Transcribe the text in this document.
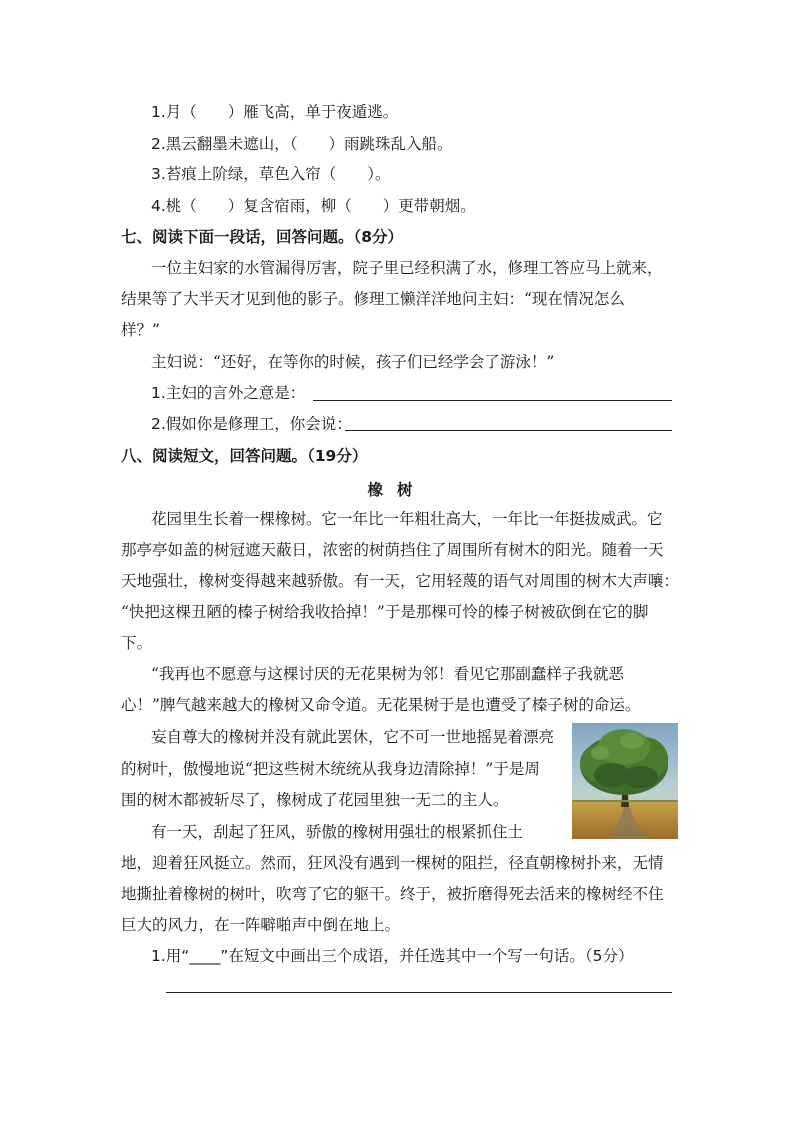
1.月（　　）雁飞高，单于夜遁逃。
2.黑云翻墨未遮山，（　　）雨跳珠乱入船。
3.苔痕上阶绿，草色入帘（　　）。
4.桃（　　）复含宿雨，柳（　　）更带朝烟。
七、阅读下面一段话，回答问题。（8分）
一位主妇家的水管漏得厉害，院子里已经积满了水，修理工答应马上就来，
结果等了大半天才见到他的影子。修理工懒洋洋地问主妇：“现在情况怎么
样？”
主妇说：“还好，在等你的时候，孩子们已经学会了游泳！”
1.主妇的言外之意是：
2.假如你是修理工，你会说：
八、阅读短文，回答问题。（19分）
橡树
花园里生长着一棵橡树。它一年比一年粗壮高大，一年比一年挺拔威武。它
那亭亭如盖的树冠遮天蔽日，浓密的树荫挡住了周围所有树木的阳光。随着一天
天地强壮，橡树变得越来越骄傲。有一天，它用轻蔑的语气对周围的树木大声嚷：
“快把这棵丑陋的榛子树给我收拾掉！”于是那棵可怜的榛子树被砍倒在它的脚
下。
“我再也不愿意与这棵讨厌的无花果树为邻！看见它那副蠢样子我就恶
心！”脾气越来越大的橡树又命令道。无花果树于是也遭受了榛子树的命运。
妄自尊大的橡树并没有就此罢休，它不可一世地摇晃着漂亮
的树叶，傲慢地说“把这些树木统统从我身边清除掉！”于是周
围的树木都被斩尽了，橡树成了花园里独一无二的主人。
有一天，刮起了狂风，骄傲的橡树用强壮的根紧抓住土
地，迎着狂风挺立。然而，狂风没有遇到一棵树的阻拦，径直朝橡树扑来，无情
地撕扯着橡树的树叶，吹弯了它的躯干。终于，被折磨得死去活来的橡树经不住
巨大的风力，在一阵噼啪声中倒在地上。
1.用“____”在短文中画出三个成语，并任选其中一个写一句话。（5分）
